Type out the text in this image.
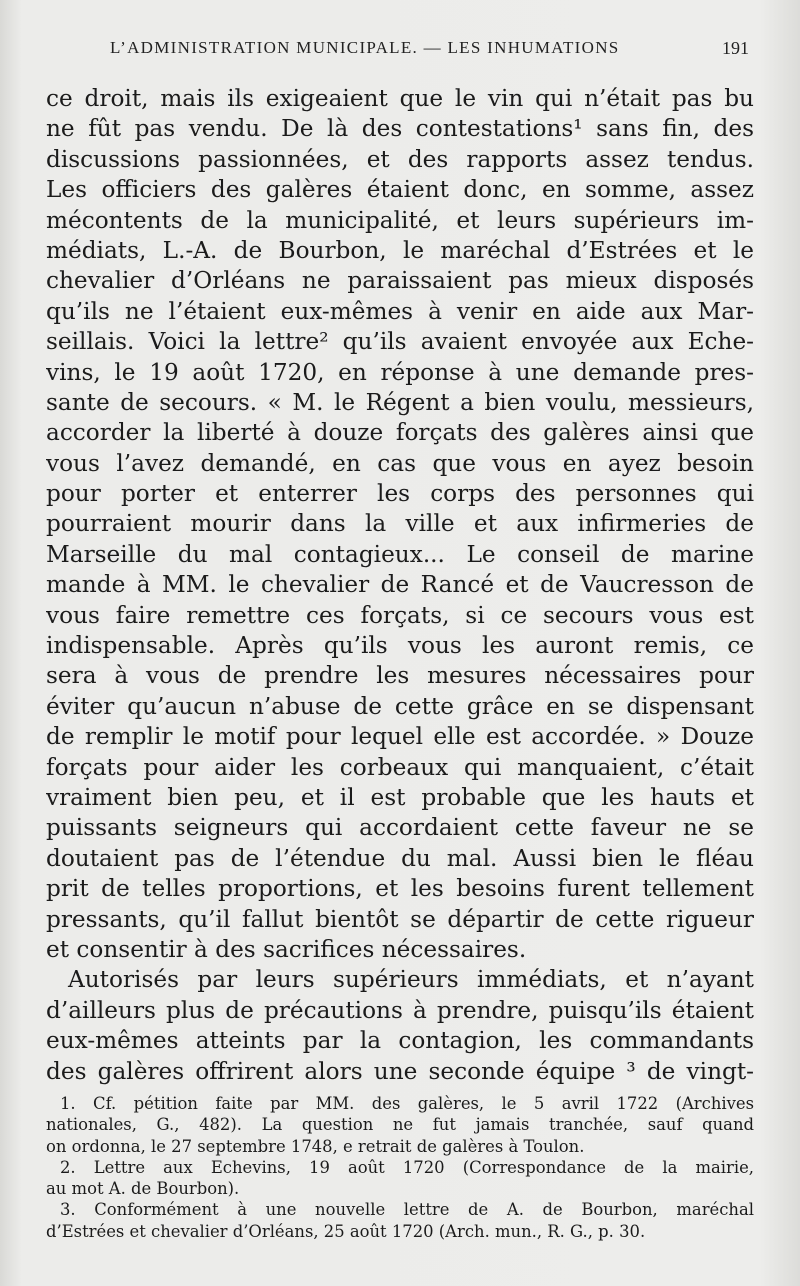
L’ADMINISTRATION MUNICIPALE. — LES INHUMATIONS	191
ce droit, mais ils exigeaient que le vin qui n’était pas bu
ne fût pas vendu. De là des contestations¹ sans fin, des
discussions passionnées, et des rapports assez tendus.
Les officiers des galères étaient donc, en somme, assez
mécontents de la municipalité, et leurs supérieurs im-
médiats, L.-A. de Bourbon, le maréchal d’Estrées et le
chevalier d’Orléans ne paraissaient pas mieux disposés
qu’ils ne l’étaient eux-mêmes à venir en aide aux Mar-
seillais. Voici la lettre² qu’ils avaient envoyée aux Eche-
vins, le 19 août 1720, en réponse à une demande pres-
sante de secours. « M. le Régent a bien voulu, messieurs,
accorder la liberté à douze forçats des galères ainsi que
vous l’avez demandé, en cas que vous en ayez besoin
pour porter et enterrer les corps des personnes qui
pourraient mourir dans la ville et aux infirmeries de
Marseille du mal contagieux... Le conseil de marine
mande à MM. le chevalier de Rancé et de Vaucresson de
vous faire remettre ces forçats, si ce secours vous est
indispensable. Après qu’ils vous les auront remis, ce
sera à vous de prendre les mesures nécessaires pour
éviter qu’aucun n’abuse de cette grâce en se dispensant
de remplir le motif pour lequel elle est accordée. » Douze
forçats pour aider les corbeaux qui manquaient, c’était
vraiment bien peu, et il est probable que les hauts et
puissants seigneurs qui accordaient cette faveur ne se
doutaient pas de l’étendue du mal. Aussi bien le fléau
prit de telles proportions, et les besoins furent tellement
pressants, qu’il fallut bientôt se départir de cette rigueur
et consentir à des sacrifices nécessaires.
Autorisés par leurs supérieurs immédiats, et n’ayant
d’ailleurs plus de précautions à prendre, puisqu’ils étaient
eux-mêmes atteints par la contagion, les commandants
des galères offrirent alors une seconde équipe ³ de vingt-
1. Cf. pétition faite par MM. des galères, le 5 avril 1722 (Archives
nationales, G., 482). La question ne fut jamais tranchée, sauf quand
on ordonna, le 27 septembre 1748, e retrait de galères à Toulon.
2. Lettre aux Echevins, 19 août 1720 (Correspondance de la mairie,
au mot A. de Bourbon).
3. Conformément à une nouvelle lettre de A. de Bourbon, maréchal
d’Estrées et chevalier d’Orléans, 25 août 1720 (Arch. mun., R. G., p. 30.
